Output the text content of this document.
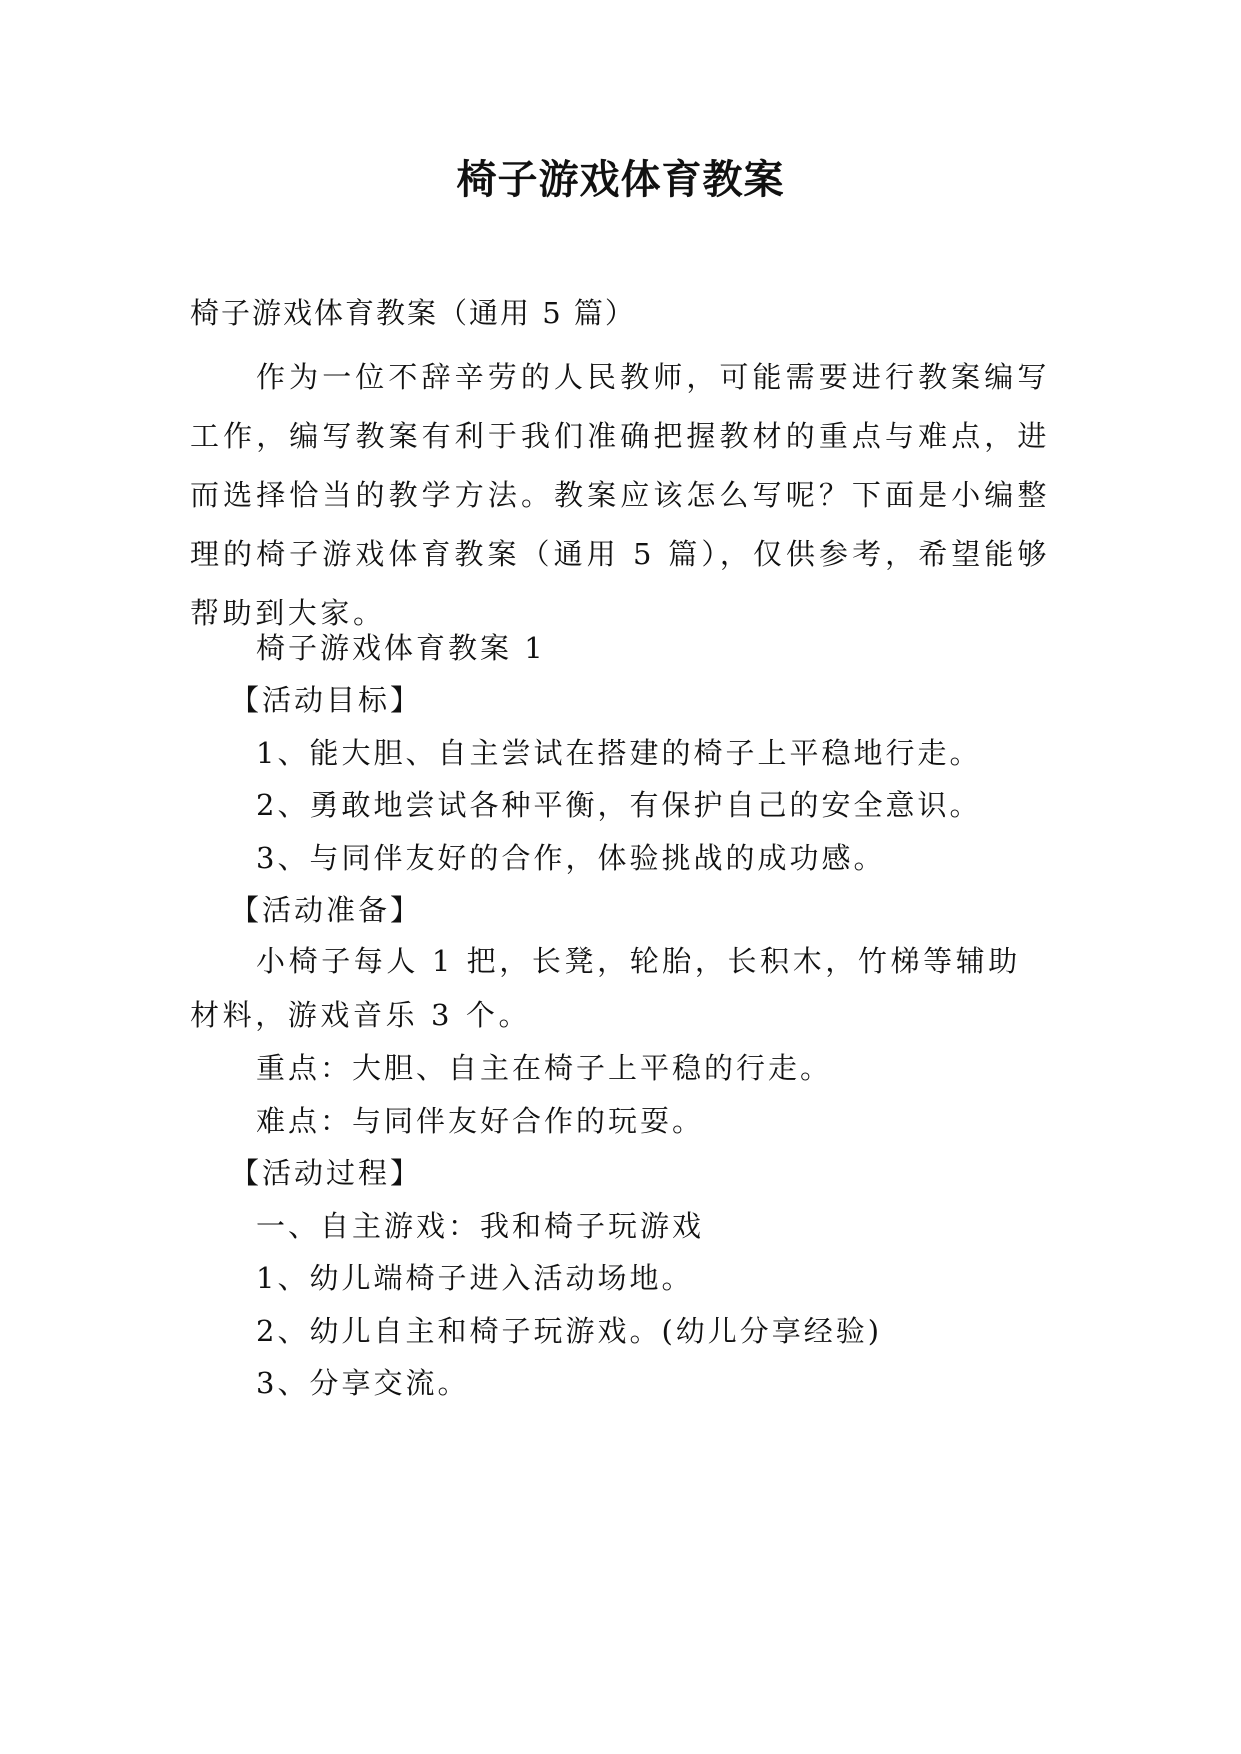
椅子游戏体育教案
椅子游戏体育教案（通用 5 篇）

作为一位不辞辛劳的人民教师，可能需要进行教案编写工作，编写教案有利于我们准确把握教材的重点与难点，进而选择恰当的教学方法。教案应该怎么写呢？下面是小编整理的椅子游戏体育教案（通用 5 篇），仅供参考，希望能够帮助到大家。

椅子游戏体育教案 1
【活动目标】
1、能大胆、自主尝试在搭建的椅子上平稳地行走。
2、勇敢地尝试各种平衡，有保护自己的安全意识。
3、与同伴友好的合作，体验挑战的成功感。
【活动准备】

小椅子每人 1 把，长凳，轮胎，长积木，竹梯等辅助材料，游戏音乐 3 个。

重点：大胆、自主在椅子上平稳的行走。
难点：与同伴友好合作的玩耍。
【活动过程】
一、自主游戏：我和椅子玩游戏
1、幼儿端椅子进入活动场地。
2、幼儿自主和椅子玩游戏。(幼儿分享经验)
3、分享交流。
